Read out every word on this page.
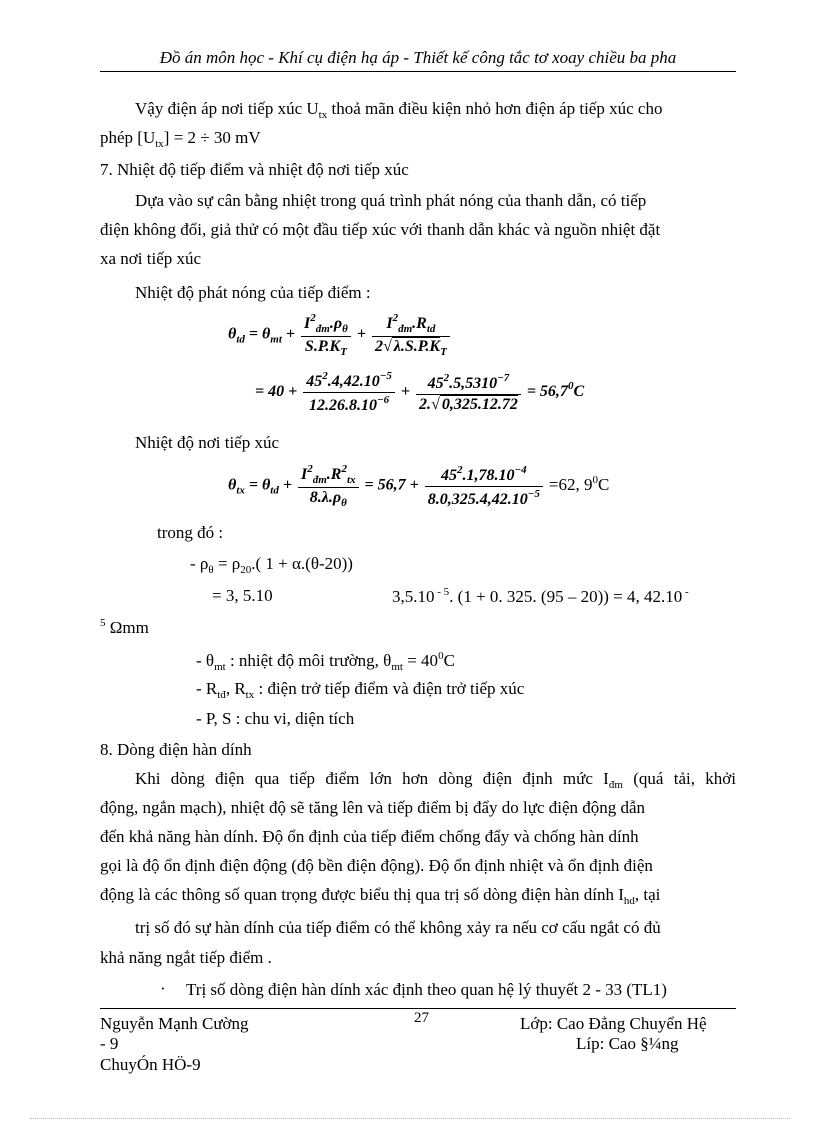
Đồ án môn học - Khí cụ điện hạ áp - Thiết kế công tắc tơ xoay chiều ba pha
Vậy điện áp nơi tiếp xúc $U_{tx}$ thoả mãn điều kiện nhỏ hơn điện áp tiếp xúc cho
phép $[U_{tx}] = 2 \div 30$ mV
7. Nhiệt độ tiếp điểm và nhiệt độ nơi tiếp xúc
Dựa vào sự cân bằng nhiệt trong quá trình phát nóng của thanh dẫn, có tiếp
điện không đổi, giả thử có một đầu tiếp xúc với thanh dẫn khác và nguồn nhiệt đặt
xa nơi tiếp xúc
Nhiệt độ phát nóng của tiếp điểm :
$\theta_{td} = \theta_{mt} + \frac{I^2_{đm}.\rho_\theta}{S.P.K_T} + \frac{I^2_{đm}.R_{td}}{2√ \lambda.S.P.K_T}$
= $40 + \frac{45^2.4,42.10^{-5}}{12.26.8.10^{-6}} + \frac{45^2.5,5310^{-7}}{2.√ 0,325.12.72} = 56,7^0C$
Nhiệt độ nơi tiếp xúc
$\theta_{tx} = \theta_{td} + \frac{I^2_{đm}.R^2_{tx}}{8.\lambda.\rho_\theta} = 56,7 + \frac{45^2.1,78.10^{-4}}{8.0,325.4,42.10^{-5}} =62$, $9^0C$
trong đó :
- $\rho_\theta = \rho_{20}$.( 1 + α.(θ-20))
= 3, 5.10	3,5.10 $^{- 5}$. (1 + 0. 325. (95 – 20)) = 4, 42.10 -
$^5$ Ωmm
- $\theta_{mt}$ : nhiệt độ môi trường, $\theta_{mt} = 40^0C$
- $R_{tđ}$, $R_{tx}$ : điện trở tiếp điểm và điện trở tiếp xúc
- P, S : chu vi, diện tích
8. Dòng điện hàn dính
Khi dòng điện qua tiếp điểm lớn hơn dòng điện định mức $I_{đm}$ (quá tải, khởi
động, ngắn mạch), nhiệt độ sẽ tăng lên và tiếp điểm bị đẩy do lực điện động dẫn
đến khả năng hàn dính. Độ ổn định của tiếp điểm chống đẩy và chống hàn dính
gọi là độ ổn định điện động (độ bền điện động). Độ ổn định nhiệt và ổn định điện
động là các thông số quan trọng được biểu thị qua trị số dòng điện hàn dính $I_{hd}$, tại
trị số đó sự hàn dính của tiếp điểm có thể không xảy ra nếu cơ cấu ngắt có đủ
khả năng ngắt tiếp điểm .
· Trị số dòng điện hàn dính xác định theo quan hệ lý thuyết 2 - 33 (TL1)
Nguyễn Mạnh Cường
- 9
ChuyÓn HÖ-9
27	Lớp: Cao Đẳng Chuyển Hệ
Líp: Cao §¼ng
